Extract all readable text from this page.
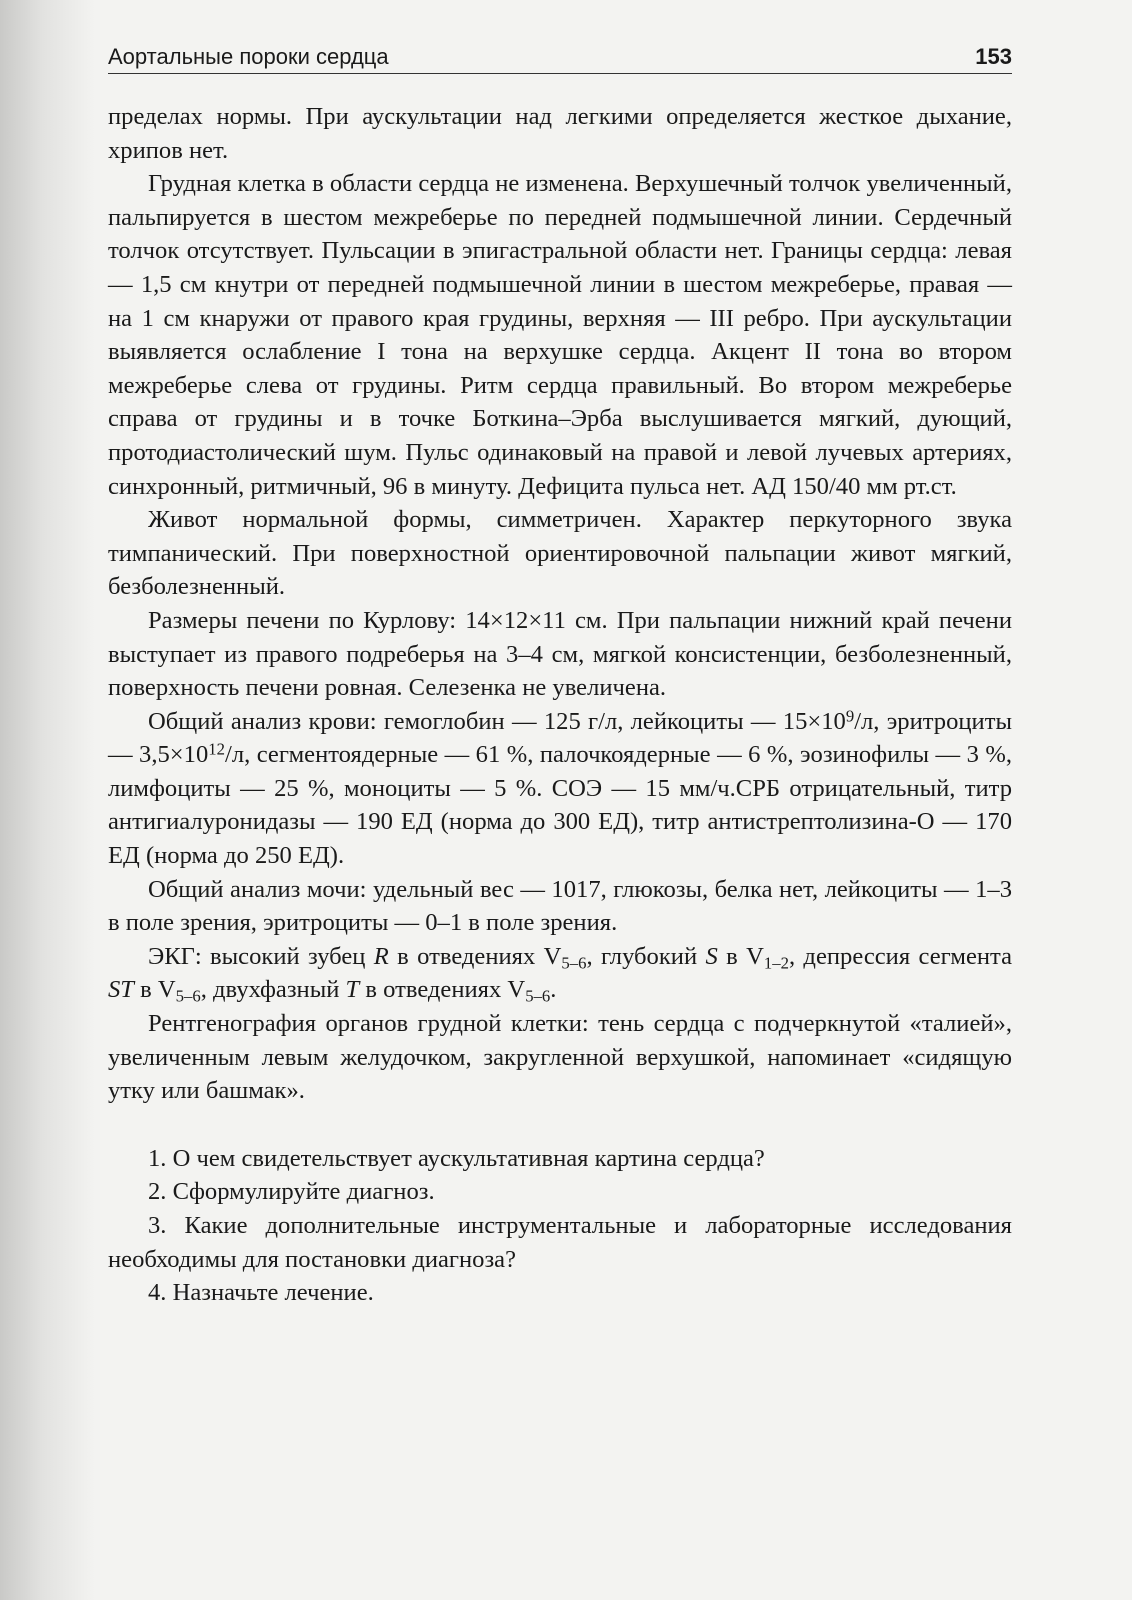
Аортальные пороки сердца	153

пределах нормы. При аускультации над легкими определяется жесткое дыхание, хрипов нет.

Грудная клетка в области сердца не изменена. Верхушечный толчок увеличенный, пальпируется в шестом межреберье по передней подмышечной линии. Сердечный толчок отсутствует. Пульсации в эпигастральной области нет. Границы сердца: левая — 1,5 см кнутри от передней подмышечной линии в шестом межреберье, правая — на 1 см кнаружи от правого края грудины, верхняя — III ребро. При аускультации выявляется ослабление I тона на верхушке сердца. Акцент II тона во втором межреберье слева от грудины. Ритм сердца правильный. Во втором межреберье справа от грудины и в точке Боткина–Эрба выслушивается мягкий, дующий, протодиастолический шум. Пульс одинаковый на правой и левой лучевых артериях, синхронный, ритмичный, 96 в минуту. Дефицита пульса нет. АД 150/40 мм рт.ст.

Живот нормальной формы, симметричен. Характер перкуторного звука тимпанический. При поверхностной ориентировочной пальпации живот мягкий, безболезненный.

Размеры печени по Курлову: 14×12×11 см. При пальпации нижний край печени выступает из правого подреберья на 3–4 см, мягкой консистенции, безболезненный, поверхность печени ровная. Селезенка не увеличена.

Общий анализ крови: гемоглобин — 125 г/л, лейкоциты — $15\times 10^9/л$, эритроциты — $3,5\times 10^{12}/л$, сегментоядерные — 61 %, палочкоядерные — 6 %, эозинофилы — 3 %, лимфоциты — 25 %, моноциты — 5 %. СОЭ — 15 мм/ч.СРБ отрицательный, титр антигиалуронидазы — 190 ЕД (норма до 300 ЕД), титр антистрептолизина-О — 170 ЕД (норма до 250 ЕД).

Общий анализ мочи: удельный вес — 1017, глюкозы, белка нет, лейкоциты — 1–3 в поле зрения, эритроциты — 0–1 в поле зрения.

ЭКГ: высокий зубец R в отведениях $V_{5-6}$, глубокий S в $V_{1-2}$, депрессия сегмента ST в $V_{5-6}$, двухфазный T в отведениях $V_{5-6}$.

Рентгенография органов грудной клетки: тень сердца с подчеркнутой «талией», увеличенным левым желудочком, закругленной верхушкой, напоминает «сидящую утку или башмак».

1. О чем свидетельствует аускультативная картина сердца?

2. Сформулируйте диагноз.

3. Какие дополнительные инструментальные и лабораторные исследования необходимы для постановки диагноза?

4. Назначьте лечение.
